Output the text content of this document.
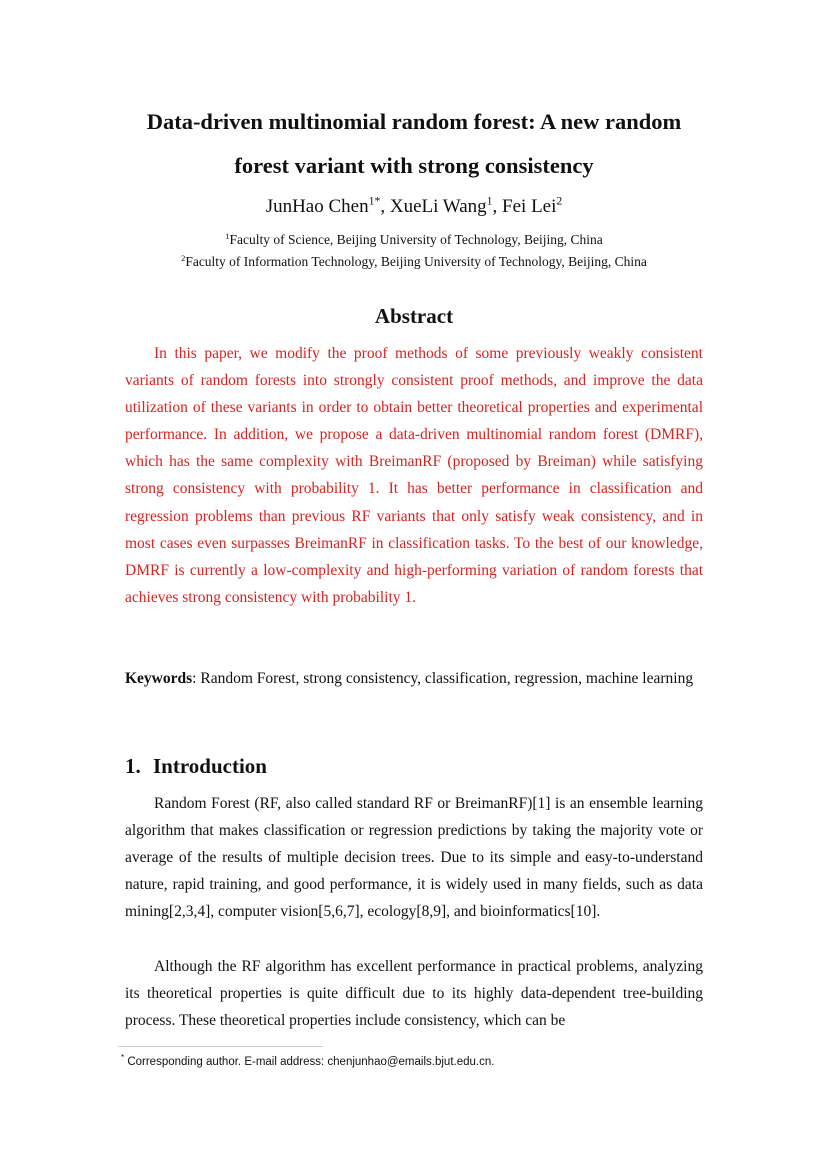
Data-driven multinomial random forest: A new random
forest variant with strong consistency
JunHao Chen$^{1*}$, XueLi Wang$^1$, Fei Lei$^2$
$^1$Faculty of Science, Beijing University of Technology, Beijing, China
$^2$Faculty of Information Technology, Beijing University of Technology, Beijing, China
Abstract

In this paper, we modify the proof methods of some previously weakly consistent variants of random forests into strongly consistent proof methods, and improve the data utilization of these variants in order to obtain better theoretical properties and experimental performance. In addition, we propose a data-driven multinomial random forest (DMRF), which has the same complexity with BreimanRF (proposed by Breiman) while satisfying strong consistency with probability 1. It has better performance in classification and regression problems than previous RF variants that only satisfy weak consistency, and in most cases even surpasses BreimanRF in classification tasks. To the best of our knowledge, DMRF is currently a low-complexity and high-performing variation of random forests that achieves strong consistency with probability 1.

Keywords: Random Forest, strong consistency, classification, regression, machine learning

1. Introduction

Random Forest (RF, also called standard RF or BreimanRF)[1] is an ensemble learning algorithm that makes classification or regression predictions by taking the majority vote or average of the results of multiple decision trees. Due to its simple and easy-to-understand nature, rapid training, and good performance, it is widely used in many fields, such as data mining[2,3,4], computer vision[5,6,7], ecology[8,9], and bioinformatics[10].

Although the RF algorithm has excellent performance in practical problems, analyzing its theoretical properties is quite difficult due to its highly data-dependent tree-building process. These theoretical properties include consistency, which can be

* Corresponding author. E-mail address: chenjunhao@emails.bjut.edu.cn.
